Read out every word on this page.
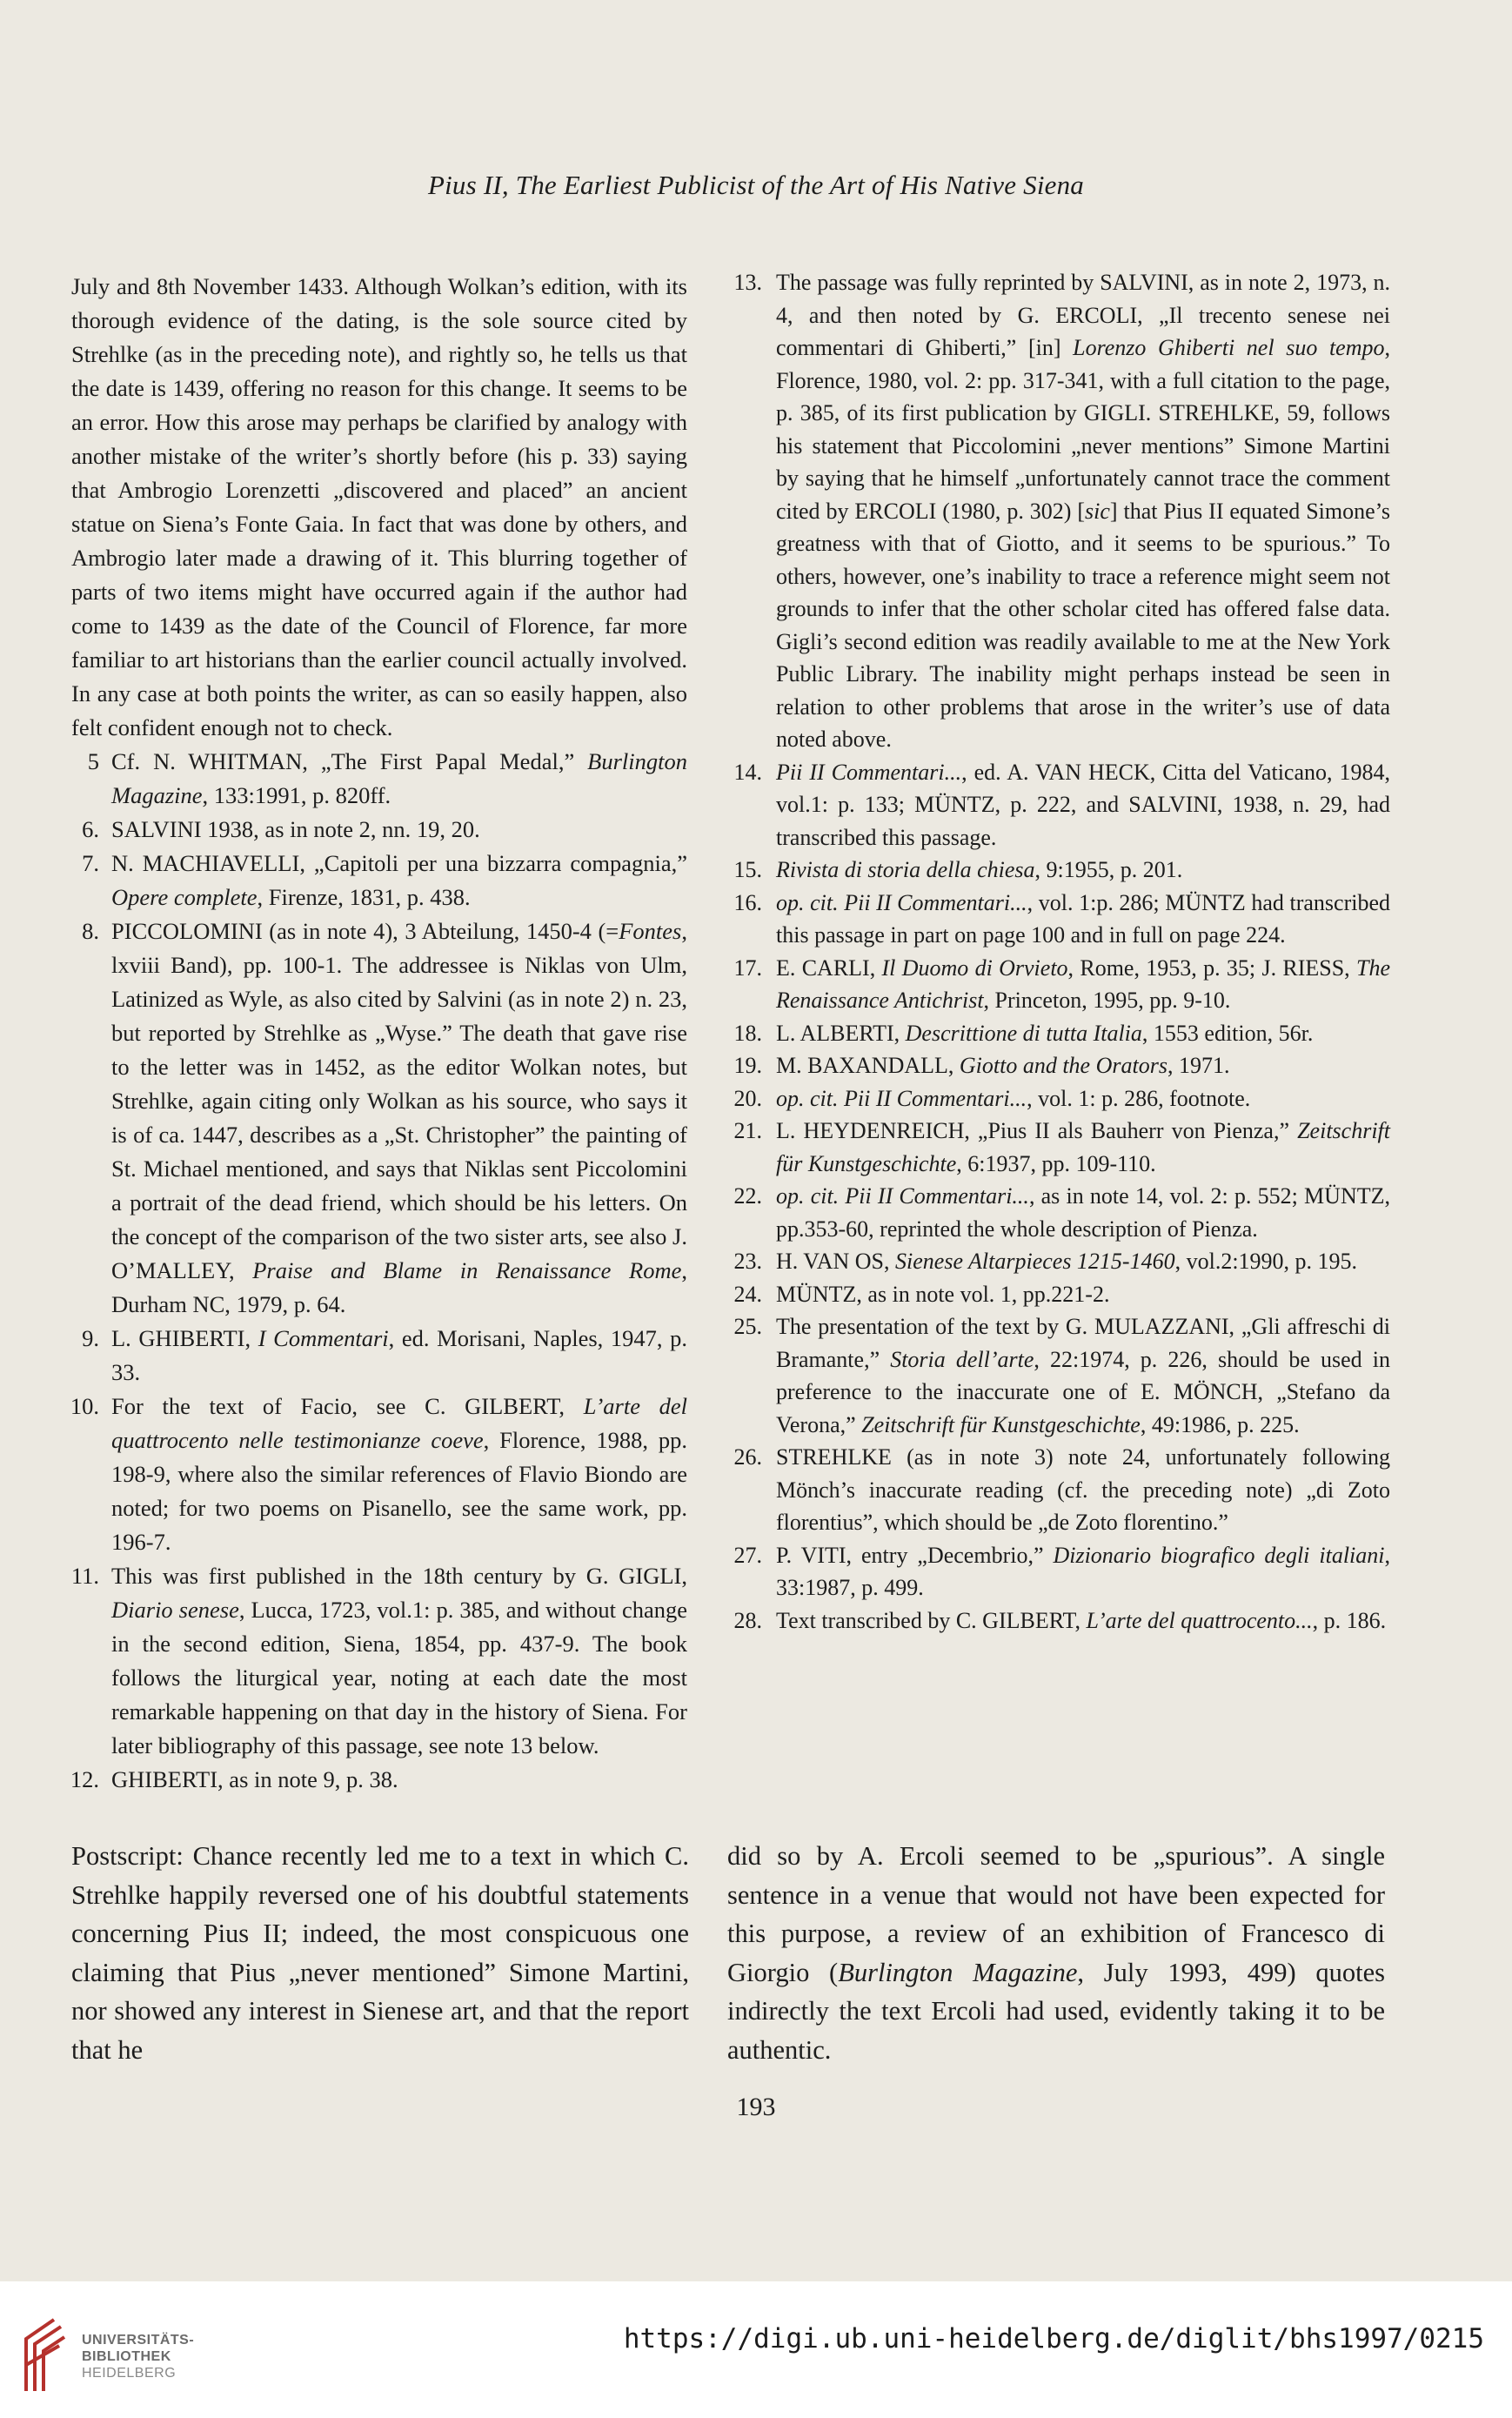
Pius II, The Earliest Publicist of the Art of His Native Siena
July and 8th November 1433. Although Wolkan’s edition, with its thorough evidence of the dating, is the sole source cited by Strehlke (as in the preceding note), and rightly so, he tells us that the date is 1439, offering no reason for this change. It seems to be an error. How this arose may perhaps be clarified by analogy with another mistake of the writer’s shortly before (his p. 33) saying that Ambrogio Lorenzetti „discovered and placed” an ancient statue on Siena’s Fonte Gaia. In fact that was done by others, and Ambrogio later made a drawing of it. This blurring together of parts of two items might have occurred again if the author had come to 1439 as the date of the Council of Florence, far more familiar to art historians than the earlier council actually involved. In any case at both points the writer, as can so easily happen, also felt confident enough not to check.
5 Cf. N. WHITMAN, „The First Papal Medal,” Burlington Magazine, 133:1991, p. 820ff.
6. SALVINI 1938, as in note 2, nn. 19, 20.
7. N. MACHIAVELLI, „Capitoli per una bizzarra compagnia,” Opere complete, Firenze, 1831, p. 438.
8. PICCOLOMINI (as in note 4), 3 Abteilung, 1450-4 (=Fontes, lxviii Band), pp. 100-1. The addressee is Niklas von Ulm, Latinized as Wyle, as also cited by Salvini (as in note 2) n. 23, but reported by Strehlke as „Wyse.” The death that gave rise to the letter was in 1452, as the editor Wolkan notes, but Strehlke, again citing only Wolkan as his source, who says it is of ca. 1447, describes as a „St. Christopher” the painting of St. Michael mentioned, and says that Niklas sent Piccolomini a portrait of the dead friend, which should be his letters. On the concept of the comparison of the two sister arts, see also J. O’MALLEY, Praise and Blame in Renaissance Rome, Durham NC, 1979, p. 64.
9. L. GHIBERTI, I Commentari, ed. Morisani, Naples, 1947, p. 33.
10. For the text of Facio, see C. GILBERT, L’arte del quattrocento nelle testimonianze coeve, Florence, 1988, pp. 198-9, where also the similar references of Flavio Biondo are noted; for two poems on Pisanello, see the same work, pp. 196-7.
11. This was first published in the 18th century by G. GIGLI, Diario senese, Lucca, 1723, vol.1: p. 385, and without change in the second edition, Siena, 1854, pp. 437-9. The book follows the liturgical year, noting at each date the most remarkable happening on that day in the history of Siena. For later bibliography of this passage, see note 13 below.
12. GHIBERTI, as in note 9, p. 38.
13. The passage was fully reprinted by SALVINI, as in note 2, 1973, n. 4, and then noted by G. ERCOLI, „Il trecento senese nei commentari di Ghiberti,” [in] Lorenzo Ghiberti nel suo tempo, Florence, 1980, vol. 2: pp. 317-341, with a full citation to the page, p. 385, of its first publication by GIGLI. STREHLKE, 59, follows his statement that Piccolomini „never mentions” Simone Martini by saying that he himself „unfortunately cannot trace the comment cited by ERCOLI (1980, p. 302) [sic] that Pius II equated Simone’s greatness with that of Giotto, and it seems to be spurious.” To others, however, one’s inability to trace a reference might seem not grounds to infer that the other scholar cited has offered false data. Gigli’s second edition was readily available to me at the New York Public Library. The inability might perhaps instead be seen in relation to other problems that arose in the writer’s use of data noted above.
14. Pii II Commentari..., ed. A. VAN HECK, Citta del Vaticano, 1984, vol.1: p. 133; MÜNTZ, p. 222, and SALVINI, 1938, n. 29, had transcribed this passage.
15. Rivista di storia della chiesa, 9:1955, p. 201.
16. op. cit. Pii II Commentari..., vol. 1:p. 286; MÜNTZ had transcribed this passage in part on page 100 and in full on page 224.
17. E. CARLI, Il Duomo di Orvieto, Rome, 1953, p. 35; J. RIESS, The Renaissance Antichrist, Princeton, 1995, pp. 9-10.
18. L. ALBERTI, Descrittione di tutta Italia, 1553 edition, 56r.
19. M. BAXANDALL, Giotto and the Orators, 1971.
20. op. cit. Pii II Commentari..., vol. 1: p. 286, footnote.
21. L. HEYDENREICH, „Pius II als Bauherr von Pienza,” Zeitschrift für Kunstgeschichte, 6:1937, pp. 109-110.
22. op. cit. Pii II Commentari..., as in note 14, vol. 2: p. 552; MÜNTZ, pp.353-60, reprinted the whole description of Pienza.
23. H. VAN OS, Sienese Altarpieces 1215-1460, vol.2:1990, p. 195.
24. MÜNTZ, as in note vol. 1, pp.221-2.
25. The presentation of the text by G. MULAZZANI, „Gli affreschi di Bramante,” Storia dell’arte, 22:1974, p. 226, should be used in preference to the inaccurate one of E. MÖNCH, „Stefano da Verona,” Zeitschrift für Kunstgeschichte, 49:1986, p. 225.
26. STREHLKE (as in note 3) note 24, unfortunately following Mönch’s inaccurate reading (cf. the preceding note) „di Zoto florentius”, which should be „de Zoto florentino.”
27. P. VITI, entry „Decembrio,” Dizionario biografico degli italiani, 33:1987, p. 499.
28. Text transcribed by C. GILBERT, L’arte del quattrocento..., p. 186.
Postscript: Chance recently led me to a text in which C. Strehlke happily reversed one of his doubtful statements concerning Pius II; indeed, the most conspicuous one claiming that Pius „never mentioned” Simone Martini, nor showed any interest in Sienese art, and that the report that he
did so by A. Ercoli seemed to be „spurious”. A single sentence in a venue that would not have been expected for this purpose, a review of an exhibition of Francesco di Giorgio (Burlington Magazine, July 1993, 499) quotes indirectly the text Ercoli had used, evidently taking it to be authentic.
193
UNIVERSITÄTS-
BIBLIOTHEK
HEIDELBERG
https://digi.ub.uni-heidelberg.de/diglit/bhs1997/0215
